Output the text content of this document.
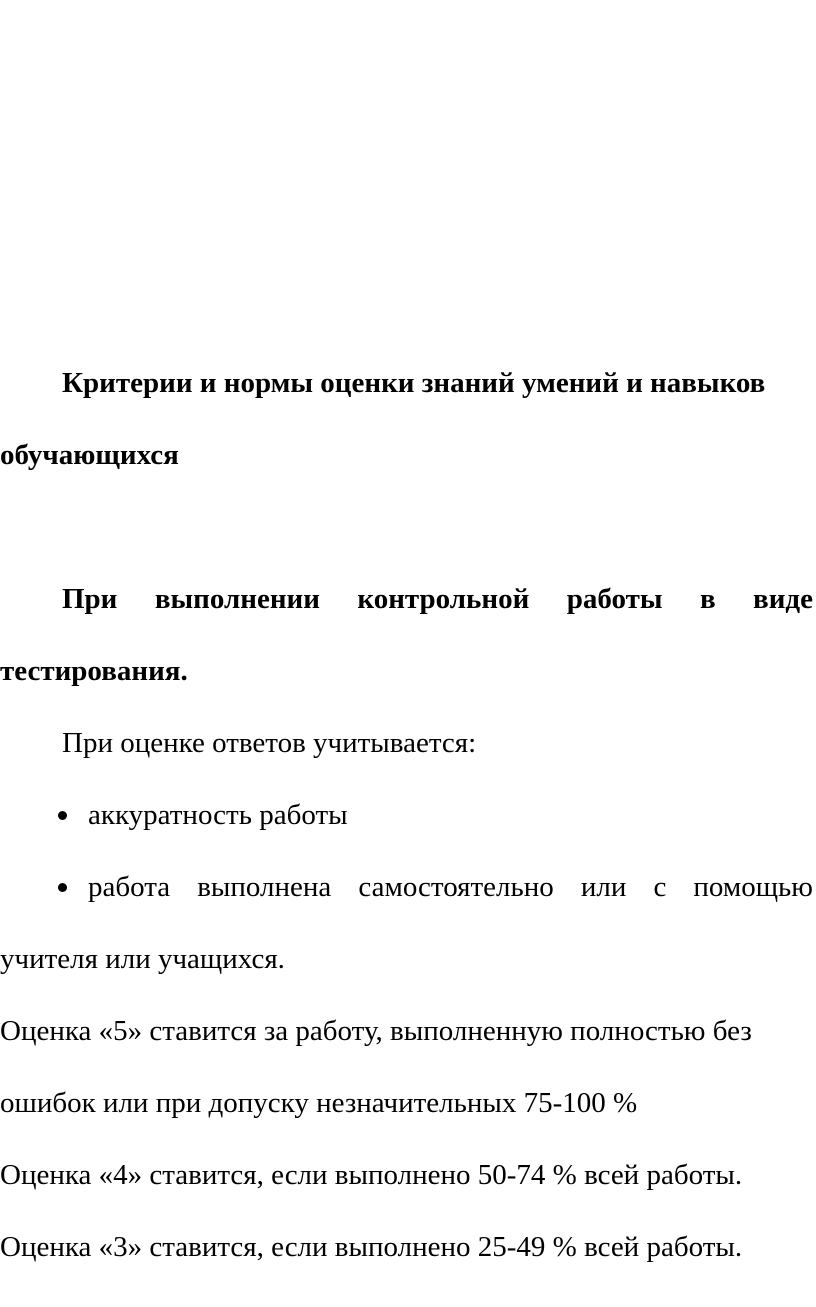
Критерии и нормы оценки знаний умений и навыков
обучающихся
При выполнении контрольной работы в виде
тестирования.
При оценке ответов учитывается:
аккуратность работы
работа выполнена самостоятельно или с помощью
учителя или учащихся.
Оценка «5» ставится за работу, выполненную полностью без
ошибок или при допуску незначительных 75-100 %
Оценка «4» ставится, если выполнено 50-74 % всей работы.
Оценка «3» ставится, если выполнено 25-49 % всей работы.
